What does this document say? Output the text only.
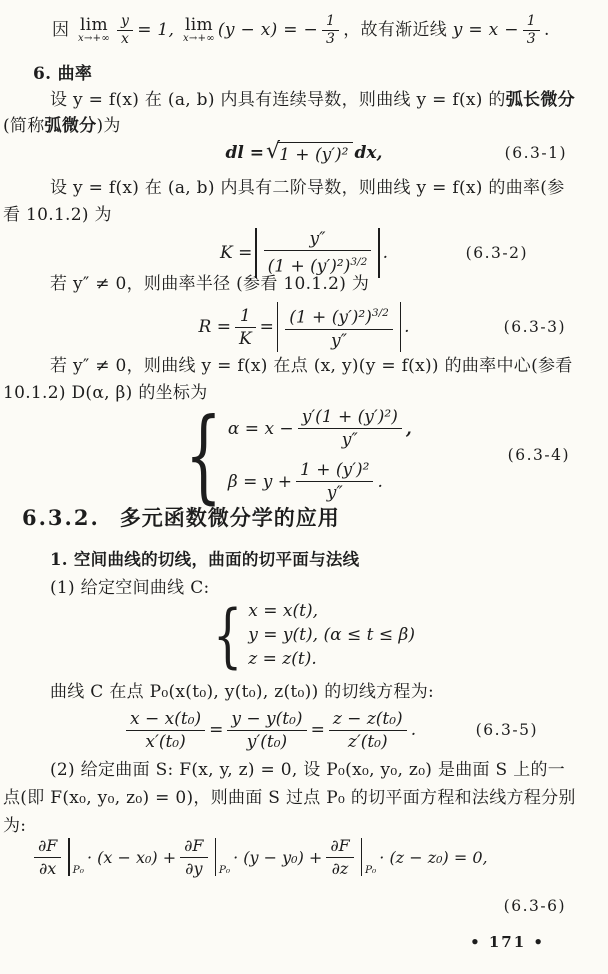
因
lim
$x\to+\infty \frac{y}{x} = 1$,
lim
x→+∞ (y − x) = − $\frac{1}{3}$ ，故有渐近线
$y = x - \frac{1}{3}$ .
6. 曲率
设 y = f(x) 在 (a, b) 内具有连续导数，则曲线 y = f(x) 的弧长微分
(简称弧微分)为
dl = √1 + (y′)² dx,	(6.3-1)
设 y = f(x) 在 (a, b) 内具有二阶导数，则曲线 y = f(x) 的曲率(参
看 10.1.2) 为
$K = \frac{y''}{(1 + (y')^2)^{3/2}}$ .	(6.3-2)
若 y″ ≠ 0，则曲率半径 (参看 10.1.2) 为
$R = \frac{1}{K} = \frac{(1 + (y')^2)^{3/2}}{y''}$ .	(6.3-3)
若 y″ ≠ 0，则曲线 y = f(x) 在点 (x, y)(y = f(x)) 的曲率中心(参看
10.1.2) D(α, β) 的坐标为
{ $\alpha = x - \frac{\text{y′(1 + (y′)²)}}{y''}$ ,
$\beta = y + \frac{\text{1 + (y′)²}}{y''}$ .
(6.3-4)
6.3.2. 多元函数微分学的应用
1. 空间曲线的切线，曲面的切平面与法线
(1) 给定空间曲线 C:
{ x = x(t),
y = y(t), (α ≤ t ≤ β)
z = z(t).
曲线 C 在点 P₀(x(t₀), y(t₀), z(t₀)) 的切线方程为:
$\frac{\text{x − x(t₀)}}{\text{x′(t₀)}} = \frac{\text{y − y(t₀)}}{\text{y′(t₀)}} = \frac{\text{z − z(t₀)}}{\text{z′(t₀)}}$ .	(6.3-5)
(2) 给定曲面 S: F(x, y, z) = 0, 设 P₀(x₀, y₀, z₀) 是曲面 S 上的一
点(即 F(x₀, y₀, z₀) = 0)，则曲面 S 过点 P₀ 的切平面方程和法线方程分别
为:
$\frac{\partial F}{\partial x} P_0$
· $(x - x_0) + \frac{\partial F}{\partial y} P_0$
· $(y - y_0) + \frac{\partial F}{\partial z} P_0$
· (z − z₀) = 0,
(6.3-6)
• 171 •
